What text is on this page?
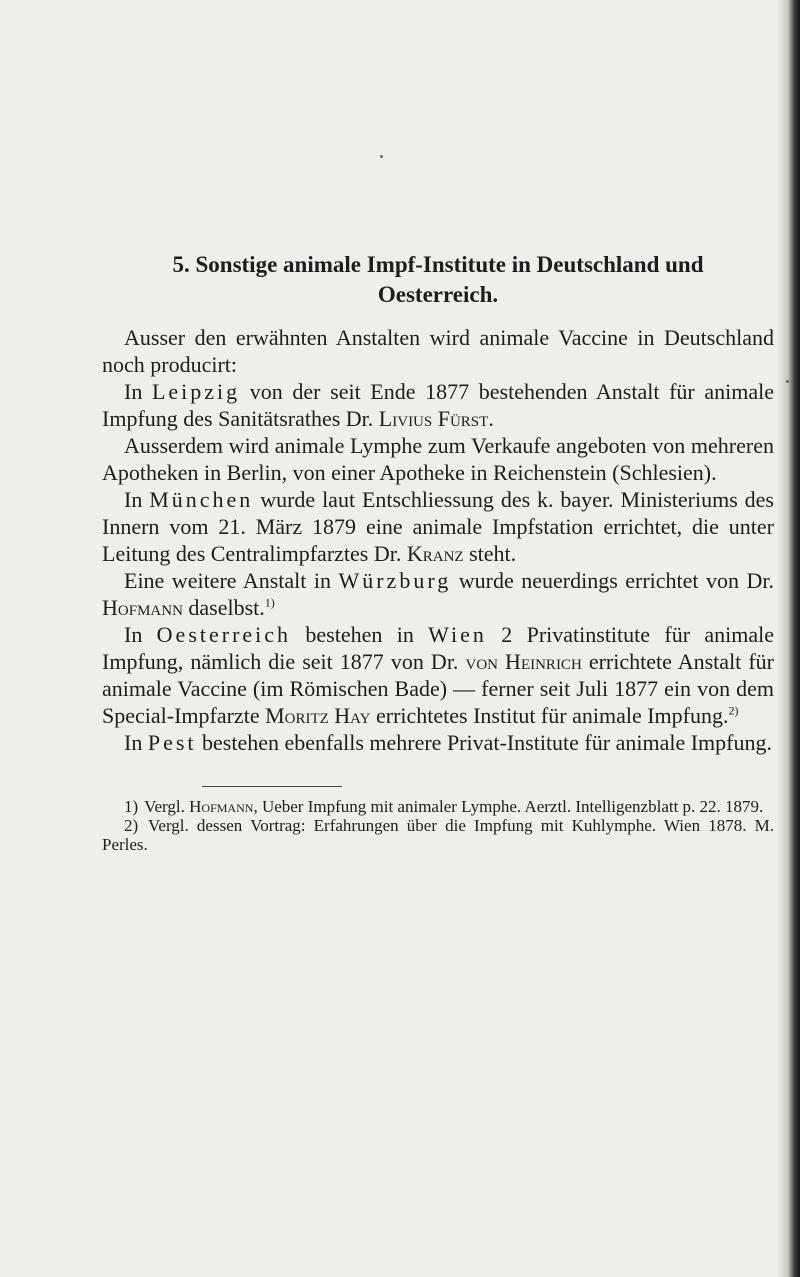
5. Sonstige animale Impf-Institute in Deutschland und
Oesterreich.

Ausser den erwähnten Anstalten wird animale Vaccine in Deutschland noch producirt:

In Leipzig von der seit Ende 1877 bestehenden Anstalt für animale Impfung des Sanitätsrathes Dr. Livius Fürst.

Ausserdem wird animale Lymphe zum Verkaufe angeboten von mehreren Apotheken in Berlin, von einer Apotheke in Reichenstein (Schlesien).

In München wurde laut Entschliessung des k. bayer. Ministeriums des Innern vom 21. März 1879 eine animale Impfstation errichtet, die unter Leitung des Centralimpfarztes Dr. Kranz steht.

Eine weitere Anstalt in Würzburg wurde neuerdings errichtet von Dr. Hofmann daselbst.$^{1)}$

In Oesterreich bestehen in Wien 2 Privatinstitute für animale Impfung, nämlich die seit 1877 von Dr. von Heinrich errichtete Anstalt für animale Vaccine (im Römischen Bade) — ferner seit Juli 1877 ein von dem Special-Impfarzte Moritz Hay errichtetes Institut für animale Impfung.$^{2)}$

In Pest bestehen ebenfalls mehrere Privat-Institute für animale Impfung.

1) Vergl. Hofmann, Ueber Impfung mit animaler Lymphe. Aerztl. Intelligenzblatt p. 22. 1879.

2) Vergl. dessen Vortrag: Erfahrungen über die Impfung mit Kuhlymphe. Wien 1878. M. Perles.
